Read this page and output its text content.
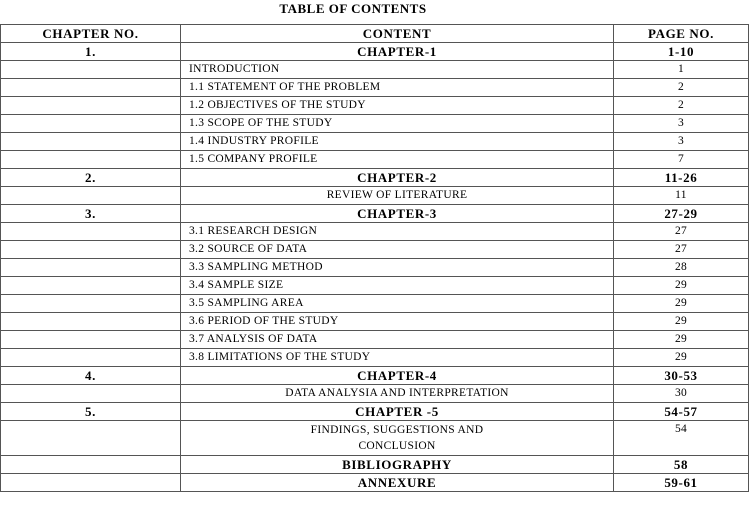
TABLE OF CONTENTS
CHAPTER NO.	CONTENT	PAGE NO.
1.	CHAPTER-1	1-10
	INTRODUCTION	1
	1.1 STATEMENT OF THE PROBLEM	2
	1.2 OBJECTIVES OF THE STUDY	2
	1.3 SCOPE OF THE STUDY	3
	1.4 INDUSTRY PROFILE	3
	1.5 COMPANY PROFILE	7
2.	CHAPTER-2	11-26
	REVIEW OF LITERATURE	11
3.	CHAPTER-3	27-29
	3.1 RESEARCH DESIGN	27
	3.2 SOURCE OF DATA	27
	3.3 SAMPLING METHOD	28
	3.4 SAMPLE SIZE	29
	3.5 SAMPLING AREA	29
	3.6 PERIOD OF THE STUDY	29
	3.7 ANALYSIS OF DATA	29
	3.8 LIMITATIONS OF THE STUDY	29
4.	CHAPTER-4	30-53
	DATA ANALYSIA AND INTERPRETATION	30
5.	CHAPTER -5	54-57

	FINDINGS, SUGGESTIONS AND
CONCLUSION	54
	BIBLIOGRAPHY	58
	ANNEXURE	59-61
